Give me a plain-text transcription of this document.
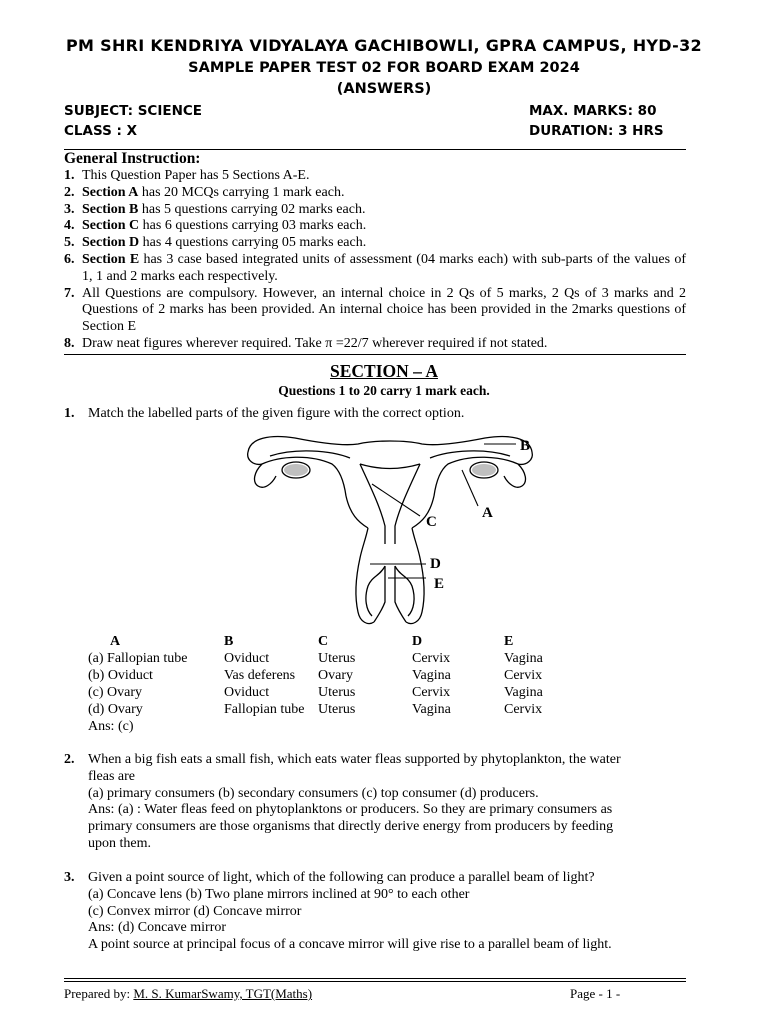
PM SHRI KENDRIYA VIDYALAYA GACHIBOWLI, GPRA CAMPUS, HYD-32
SAMPLE PAPER TEST 02 FOR BOARD EXAM 2024
(ANSWERS)
SUBJECT: SCIENCE	MAX. MARKS: 80
CLASS : X	DURATION: 3 HRS
General Instruction:
1. This Question Paper has 5 Sections A-E.
2. Section A has 20 MCQs carrying 1 mark each.
3. Section B has 5 questions carrying 02 marks each.
4. Section C has 6 questions carrying 03 marks each.
5. Section D has 4 questions carrying 05 marks each.
6. Section E has 3 case based integrated units of assessment (04 marks each) with sub-parts of the values of 1, 1 and 2 marks each respectively.
7. All Questions are compulsory. However, an internal choice in 2 Qs of 5 marks, 2 Qs of 3 marks and 2 Questions of 2 marks has been provided. An internal choice has been provided in the 2marks questions of Section E
8. Draw neat figures wherever required. Take π =22/7 wherever required if not stated.
SECTION – A
Questions 1 to 20 carry 1 mark each.
1. Match the labelled parts of the given figure with the correct option.
B
A
C
D
E
A	B	C	D	E
(a) Fallopian tube	Oviduct	Uterus	Cervix	Vagina
(b) Oviduct	Vas deferens	Ovary	Vagina	Cervix
(c) Ovary	Oviduct	Uterus	Cervix	Vagina
(d) Ovary	Fallopian tube	Uterus	Vagina	Cervix
Ans: (c)
2. When a big fish eats a small fish, which eats water fleas supported by phytoplankton, the water
fleas are
(a) primary consumers (b) secondary consumers (c) top consumer (d) producers.
Ans: (a) : Water fleas feed on phytoplanktons or producers. So they are primary consumers as
primary consumers are those organisms that directly derive energy from producers by feeding
upon them.
3. Given a point source of light, which of the following can produce a parallel beam of light?
(a) Concave lens (b) Two plane mirrors inclined at 90° to each other
(c) Convex mirror (d) Concave mirror
Ans: (d) Concave mirror
A point source at principal focus of a concave mirror will give rise to a parallel beam of light.
Prepared by: M. S. KumarSwamy, TGT(Maths)	Page - 1 -
